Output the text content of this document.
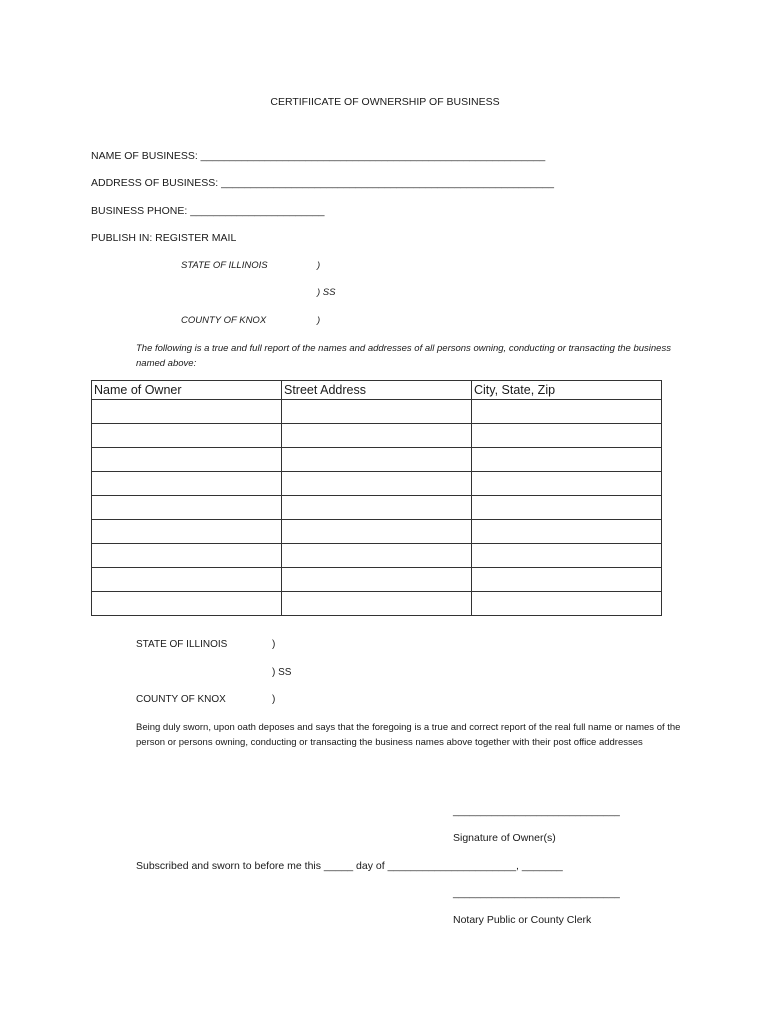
CERTIFIICATE OF OWNERSHIP OF BUSINESS
NAME OF BUSINESS: ___________________________________________________________
ADDRESS OF BUSINESS: _________________________________________________________
BUSINESS PHONE: _______________________
PUBLISH IN: REGISTER MAIL
STATE OF ILLINOIS	)
) SS
COUNTY OF KNOX	)
The following is a true and full report of the names and addresses of all persons owning, conducting or transacting the business named above:
Name of Owner	Street Address	City, State, Zip

STATE OF ILLINOIS	)
) SS
COUNTY OF KNOX	)
Being duly sworn, upon oath deposes and says that the foregoing is a true and correct report of the real full name or names of the person or persons owning, conducting or transacting the business names above together with their post office addresses
______________________________
Signature of Owner(s)
Subscribed and sworn to before me this _____ day of ______________________, _______
______________________________
Notary Public or County Clerk
